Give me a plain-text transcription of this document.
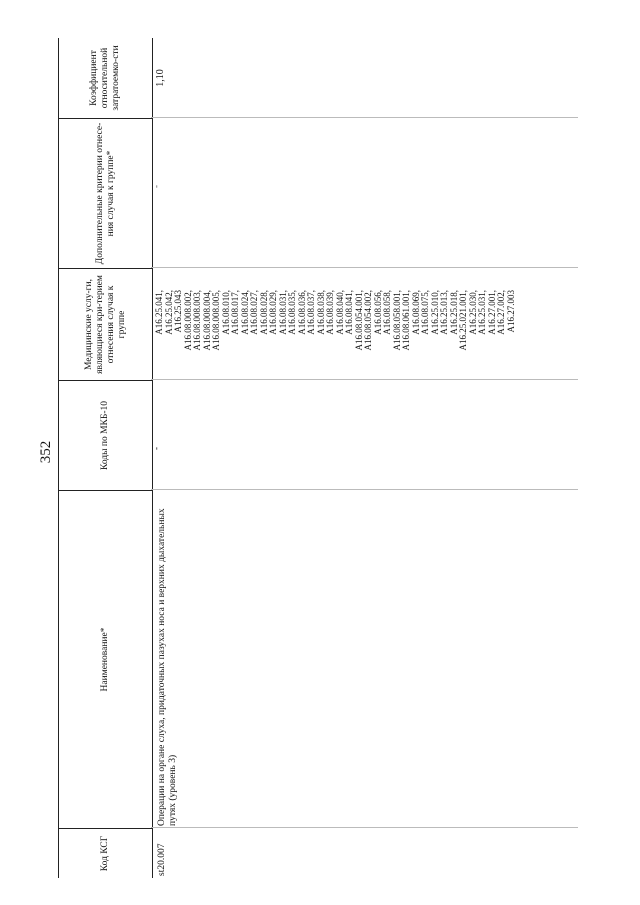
352
Код КСГ
Наименование*
Коды по МКБ-10
Медицинские услу-ги, являющиеся кри-терием отнесения случая к группе
Дополнительные критерии отнесе-ния случая к группе*
Коэффициент относительной затратоемко-сти
st20.007
Операции на органе слуха, придаточных пазухах носа и верхних дыхательных путях (уровень 3)
-
А16.25.041, А16.25.042, А16.25.043 А16.08.008.002, А16.08.008.003, А16.08.008.004, А16.08.008.005, А16.08.010, А16.08.017, А16.08.024, А16.08.027, А16.08.028, А16.08.029, А16.08.031, А16.08.035, А16.08.036, А16.08.037, А16.08.038, А16.08.039, А16.08.040, А16.08.041, А16.08.054.001, А16.08.054.002, А16.08.056, А16.08.058, А16.08.058.001, А16.08.061.001, А16.08.069, А16.08.075, А16.25.010, А16.25.013, А16.25.018, А16.25.021.001, А16.25.030, А16.25.031, А16.27.001, А16.27.002, А16.27.003
-
1,10
